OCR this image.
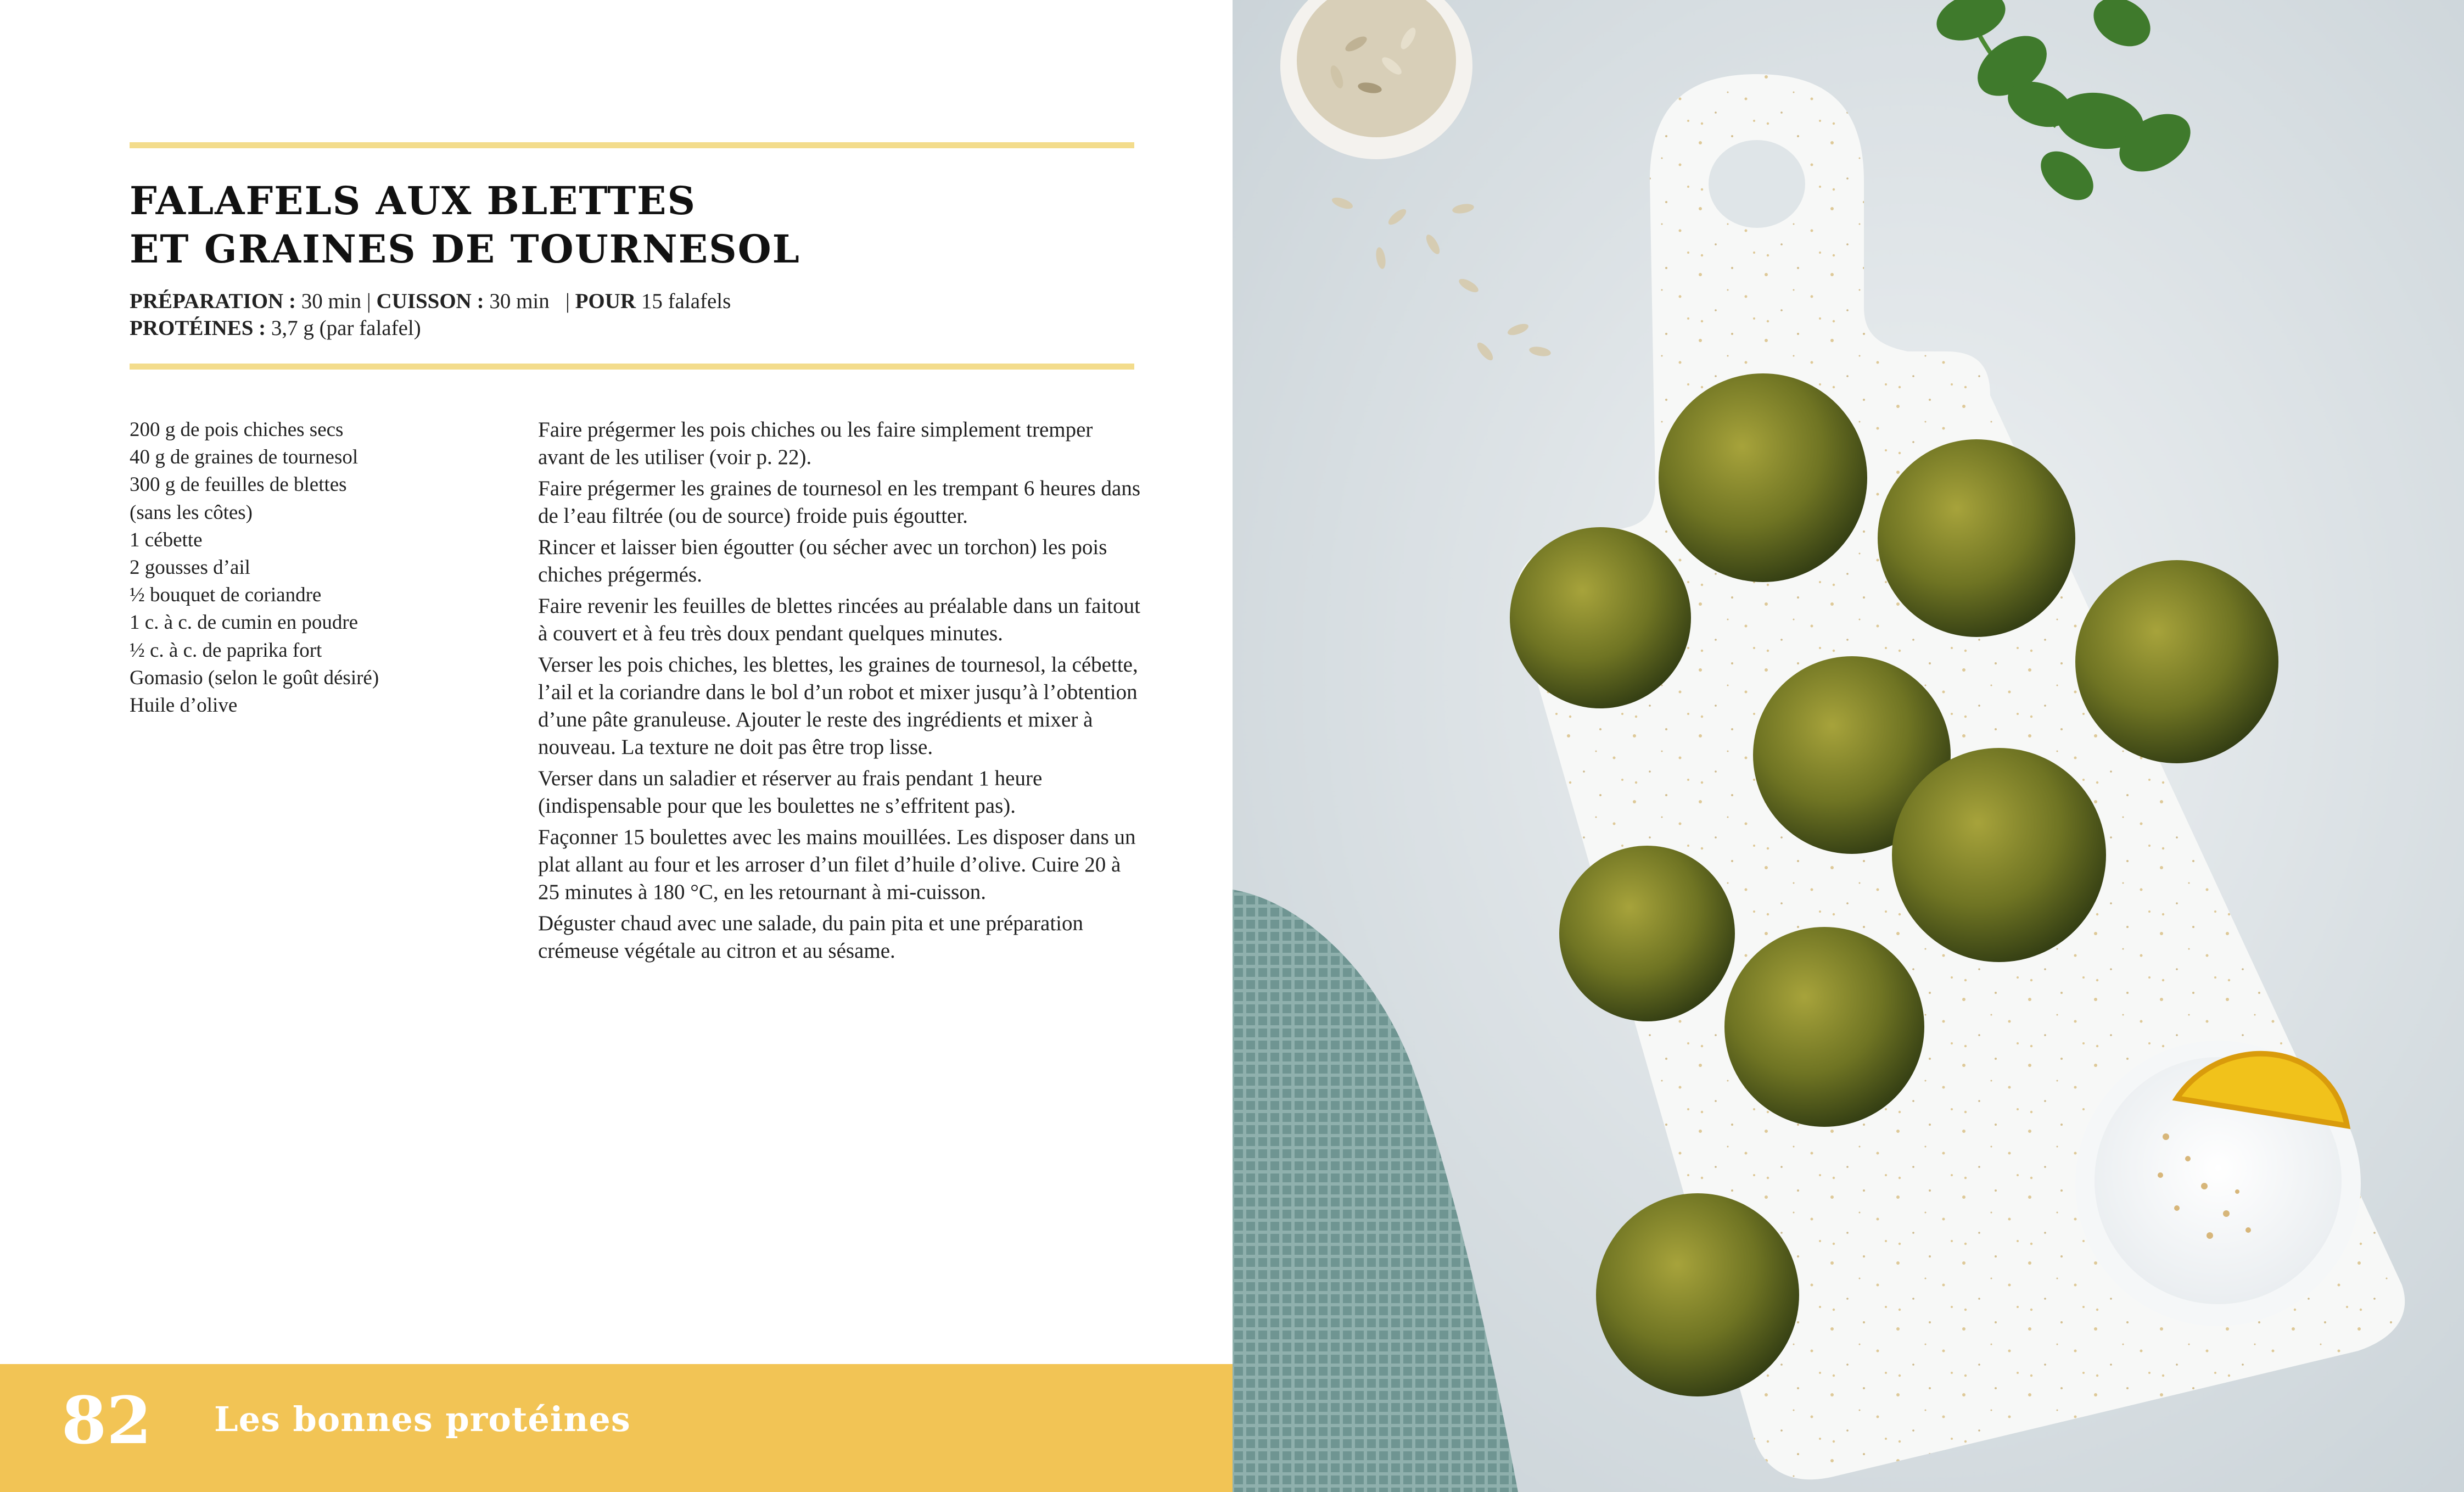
FALAFELS AUX BLETTES
ET GRAINES DE TOURNESOL
PRÉPARATION : 30 min | CUISSON : 30 min   | POUR 15 falafels
PROTÉINES : 3,7 g (par falafel)
200 g de pois chiches secs
40 g de graines de tournesol
300 g de feuilles de blettes
(sans les côtes)
1 cébette
2 gousses d’ail
½ bouquet de coriandre
1 c. à c. de cumin en poudre
½ c. à c. de paprika fort
Gomasio (selon le goût désiré)
Huile d’olive

Faire prégermer les pois chiches ou les faire simplement tremper avant de les utiliser (voir p. 22).

Faire prégermer les graines de tournesol en les trempant 6 heures dans de l’eau filtrée (ou de source) froide puis égoutter.

Rincer et laisser bien égoutter (ou sécher avec un torchon) les pois chiches prégermés.

Faire revenir les feuilles de blettes rincées au préalable dans un faitout à couvert et à feu très doux pendant quelques minutes.

Verser les pois chiches, les blettes, les graines de tournesol, la cébette, l’ail et la coriandre dans le bol d’un robot et mixer jusqu’à l’obtention d’une pâte granuleuse. Ajouter le reste des ingrédients et mixer à nouveau. La texture ne doit pas être trop lisse.

Verser dans un saladier et réserver au frais pendant 1 heure (indispensable pour que les boulettes ne s’effritent pas).

Façonner 15 boulettes avec les mains mouillées. Les disposer dans un plat allant au four et les arroser d’un filet d’huile d’olive. Cuire 20 à 25 minutes à 180 °C, en les retournant à mi-cuisson.

Déguster chaud avec une salade, du pain pita et une préparation crémeuse végétale au citron et au sésame.

82 Les bonnes protéines
